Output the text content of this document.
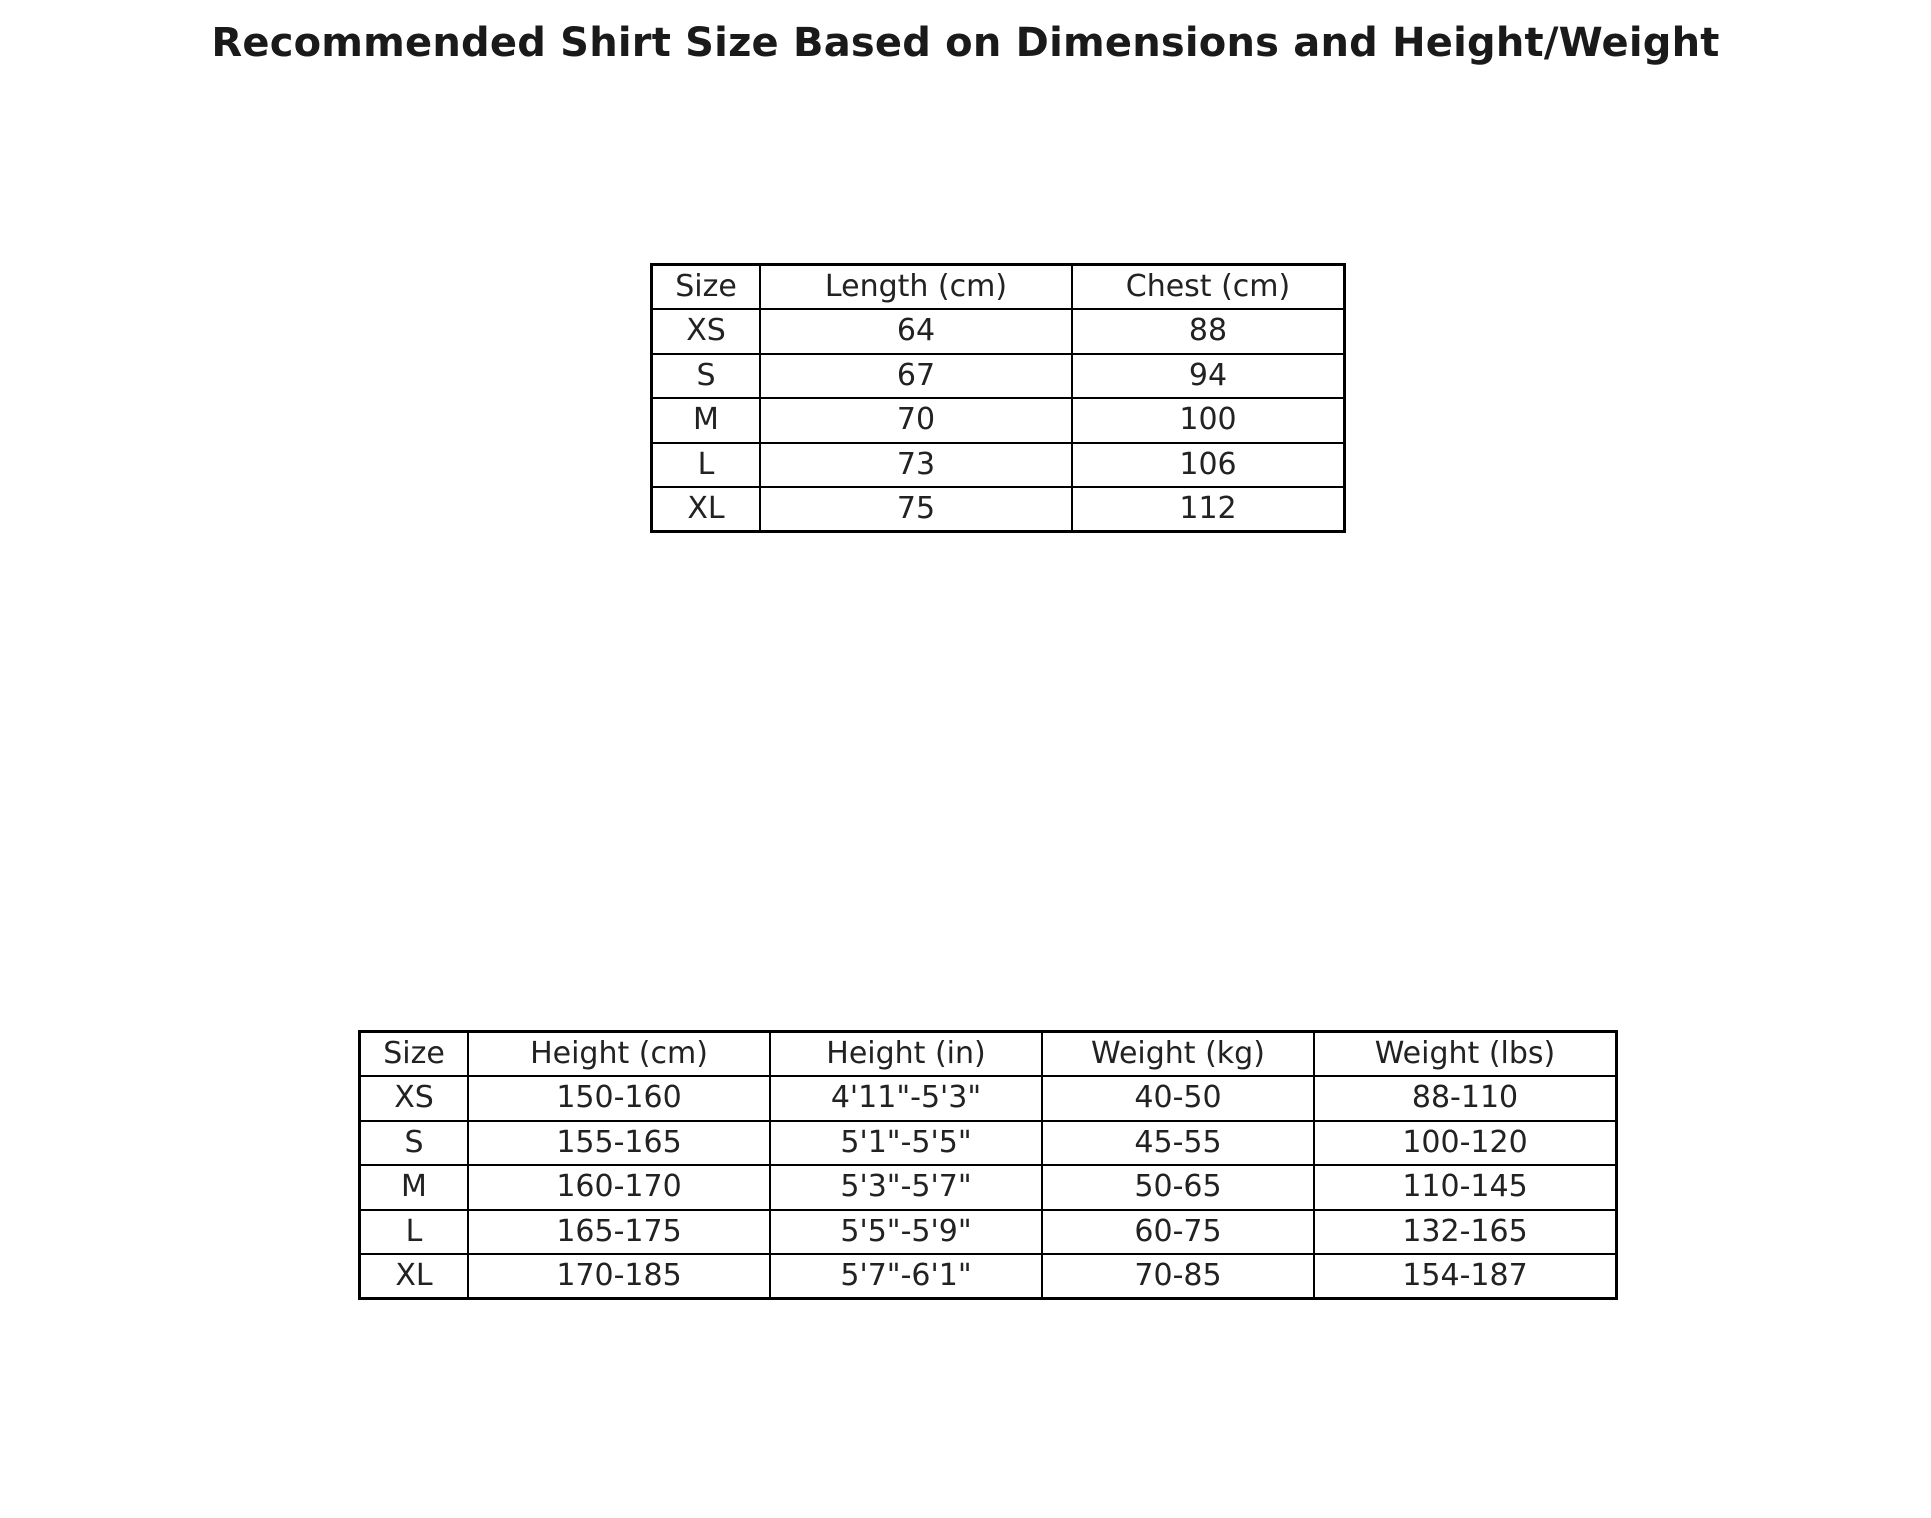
Recommended Shirt Size Based on Dimensions and Height/Weight
Size	Length (cm)	Chest (cm)
XS	64	88
S	67	94
M	70	100
L	73	106
XL	75	112
Size	Height (cm)	Height (in)	Weight (kg)	Weight (lbs)
XS	150-160	4'11"-5'3"	40-50	88-110
S	155-165	5'1"-5'5"	45-55	100-120
M	160-170	5'3"-5'7"	50-65	110-145
L	165-175	5'5"-5'9"	60-75	132-165
XL	170-185	5'7"-6'1"	70-85	154-187
